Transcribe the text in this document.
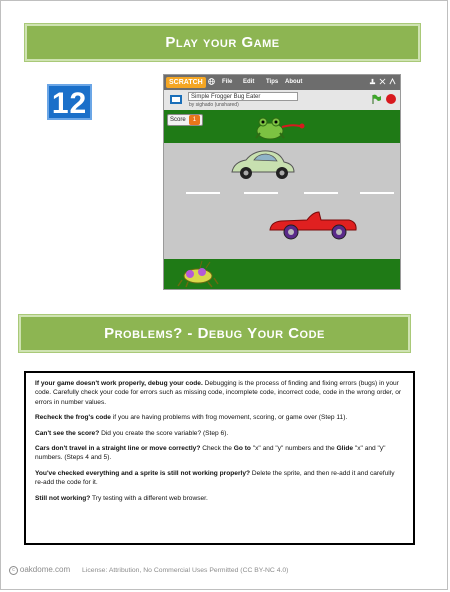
Play your Game
12
SCRATCH	File Edit Tips About
Simple Frogger Bug Eater
by sighado (unshared)
Score 1
Problems? - Debug Your Code

If your game doesn't work properly, debug your code. Debugging is the process of finding and fixing errors (bugs) in your code. Carefully check your code for errors such as missing code, incomplete code, incorrect code, code in the wrong order, or errors in number values.

Recheck the frog's code if you are having problems with frog movement, scoring, or game over (Step 11).

Can't see the score? Did you create the score variable? (Step 6).

Cars don't travel in a straight line or move correctly? Check the Go to "x" and "y" numbers and the Glide "x" and "y" numbers. (Steps 4 and 5).

You've checked everything and a sprite is still not working properly? Delete the sprite, and then re-add it and carefully re-add the code for it.

Still not working? Try testing with a different web browser.

c oakdome.com License: Attribution, No Commercial Uses Permitted (CC BY-NC 4.0)
